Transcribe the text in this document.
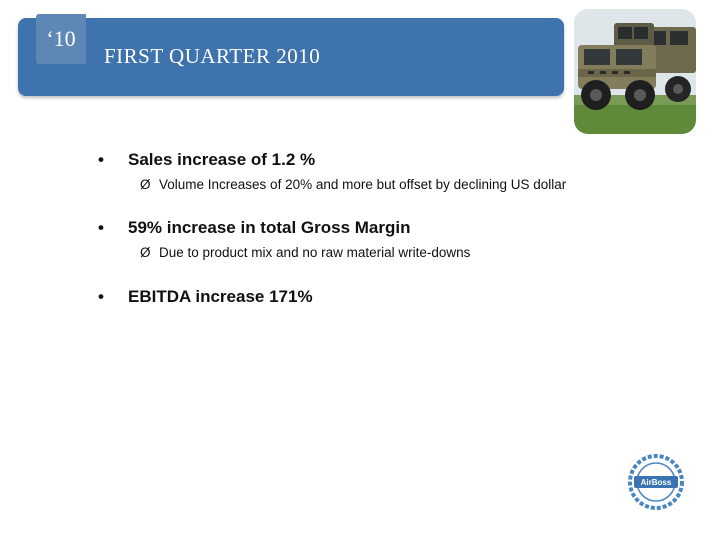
‘10
FIRST QUARTER 2010
•	Sales increase of 1.2 %
Ø Volume Increases of 20% and more but offset by declining US dollar
•	59% increase in total Gross Margin
Ø Due to product mix and no raw material write-downs
•	EBITDA increase 171%
AirBoss
